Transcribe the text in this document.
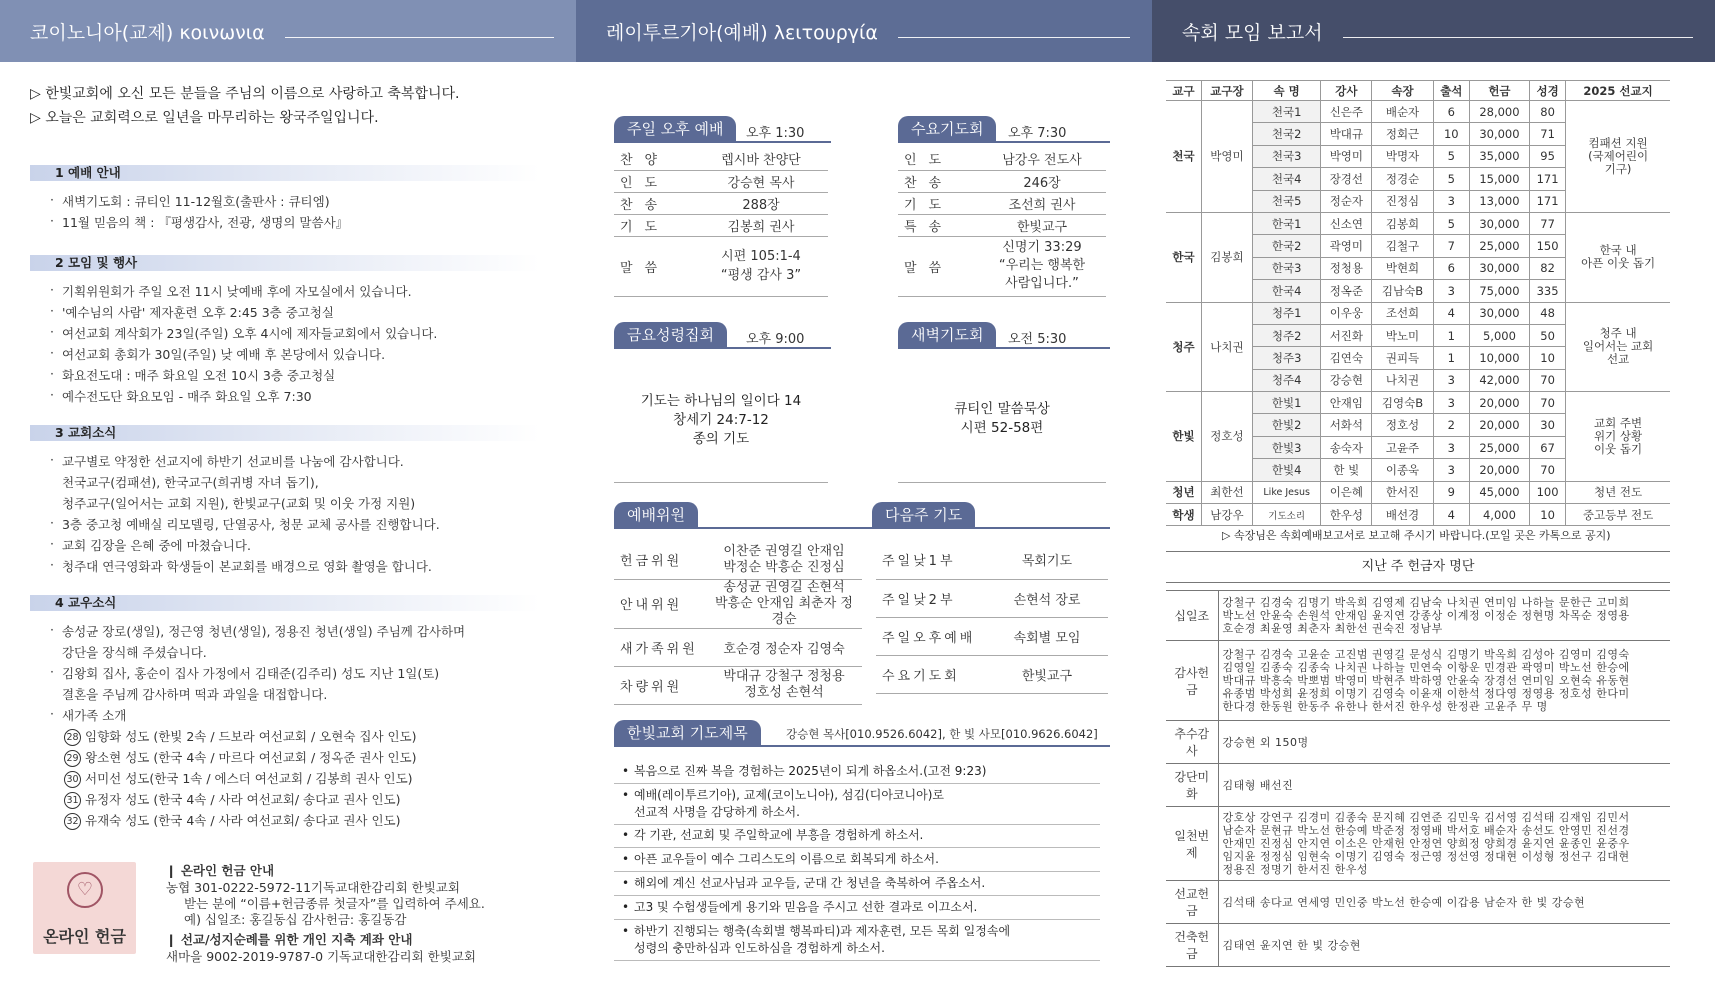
코이노니아(교제) κοινωνια	레이투르기아(예배) λειτουργία	속회 모임 보고서
▷ 한빛교회에 오신 모든 분들을 주님의 이름으로 사랑하고 축복합니다.
▷ 오늘은 교회력으로 일년을 마무리하는 왕국주일입니다.
1 예배 안내
· 새벽기도회 : 큐티인 11-12월호(출판사 : 큐티엠)
· 11월 믿음의 책 : 『평생감사, 전광, 생명의 말씀사』
2 모임 및 행사
· 기획위원회가 주일 오전 11시 낮예배 후에 자모실에서 있습니다.
· '예수님의 사람' 제자훈련 오후 2:45 3층 중고청실
· 여선교회 계삭회가 23일(주일) 오후 4시에 제자들교회에서 있습니다.
· 여선교회 총회가 30일(주일) 낮 예배 후 본당에서 있습니다.
· 화요전도대 : 매주 화요일 오전 10시 3층 중고청실
· 예수전도단 화요모임 - 매주 화요일 오후 7:30
3 교회소식
· 교구별로 약정한 선교지에 하반기 선교비를 나눔에 감사합니다.
천국교구(컴패션), 한국교구(희귀병 자녀 돕기),
청주교구(일어서는 교회 지원), 한빛교구(교회 및 이웃 가정 지원)
· 3층 중고청 예배실 리모델링, 단열공사, 청문 교체 공사를 진행합니다.
· 교회 김장을 은혜 중에 마쳤습니다.
· 청주대 연극영화과 학생들이 본교회를 배경으로 영화 촬영을 합니다.
4 교우소식
· 송성균 장로(생일), 정근영 청년(생일), 정용진 청년(생일) 주님께 감사하며
강단을 장식해 주셨습니다.
· 김왕회 집사, 홍순이 집사 가정에서 김태준(김주리) 성도 지난 1일(토)
결혼을 주님께 감사하며 떡과 과일을 대접합니다.
· 새가족 소개
28 임향화 성도 (한빛 2속 / 드보라 여선교회 / 오현숙 집사 인도)
29 왕소현 성도 (한국 4속 / 마르다 여선교회 / 정옥준 권사 인도)
30 서미선 성도(한국 1속 / 에스더 여선교회 / 김봉희 권사 인도)
31 유정자 성도 (한국 4속 / 사라 여선교회/ 송다교 권사 인도)
32 유재숙 성도 (한국 4속 / 사라 여선교회/ 송다교 권사 인도)
♡
온라인 헌금
❙ 온라인 헌금 안내
농협 301-0222-5972-11기독교대한감리회 한빛교회
받는 분에 “이름+헌금종류 첫글자”를 입력하여 주세요.
예) 십일조: 홍길동십 감사헌금: 홍길동감
❙ 선교/성지순례를 위한 개인 지축 계좌 안내
새마을 9002-2019-9787-0 기독교대한감리회 한빛교회
주일 오후 예배	오후 1:30
찬양	렙시바 찬양단
인도	강승현 목사
찬송	288장
기도	김봉희 권사
말씀	시편 105:1-4
“평생 감사 3”
수요기도회	오후 7:30
인도	남강우 전도사
찬송	246장
기도	조선희 권사
특송	한빛교구
말씀	신명기 33:29
“우리는 행복한
사람입니다.”
금요성령집회	오후 9:00
기도는 하나님의 일이다 14
창세기 24:7-12
종의 기도
새벽기도회	오전 5:30
큐티인 말씀묵상
시편 52-58편
예배위원	다음주 기도
헌금위원	이찬준 권영길 안재임
박정순 박흥순 진정심
안내위원	송성균 권영길 손현석
박흥순 안재임 최춘자 정경순
새가족위원	호순경 정순자 김영숙
차량위원	박대규 강철구 정청용
정호성 손현석
주일낮1부	목회기도
주일낮2부	손현석 장로
주일오후예배	속회별 모임
수요기도회	한빛교구
한빛교회 기도제목	강승현 목사[010.9526.6042], 한 빛 사모[010.9626.6042]
• 복음으로 진짜 복을 경험하는 2025년이 되게 하옵소서.(고전 9:23)
• 예배(레이투르기아), 교제(코이노니아), 섬김(디아코니아)로
선교적 사명을 감당하게 하소서.
• 각 기관, 선교회 및 주일학교에 부흥을 경험하게 하소서.
• 아픈 교우들이 예수 그리스도의 이름으로 회복되게 하소서.
• 해외에 계신 선교사님과 교우들, 군대 간 청년을 축복하여 주옵소서.
• 고3 및 수험생들에게 용기와 믿음을 주시고 선한 결과로 이끄소서.
• 하반기 진행되는 행축(속회별 행복파티)과 제자훈련, 모든 목회 일정속에
성령의 충만하심과 인도하심을 경험하게 하소서.
교구	교구장	속 명	강사	속장	출석	헌금	성경	2025 선교지
천국	박영미	천국1	신은주	배순자	6	28,000	80	컴패션 지원
(국제어린이
기구)
		천국2	박대규	정회근	10	30,000	71	
		천국3	박영미	박명자	5	35,000	95	
		천국4	장경선	정경순	5	15,000	171	
		천국5	정순자	진정심	3	13,000	171	
한국	김봉희	한국1	신소연	김봉희	5	30,000	77	한국 내
아픈 이웃 돕기
		한국2	곽영미	김철구	7	25,000	150	
		한국3	정청용	박현희	6	30,000	82	
		한국4	정옥준	김남숙B	3	75,000	335	
청주	나치권	청주1	이우웅	조선희	4	30,000	48	청주 내
일어서는 교회
선교
		청주2	서진화	박노미	1	5,000	50	
		청주3	김연숙	권피득	1	10,000	10	
		청주4	강승현	나치권	3	42,000	70	
한빛	정호성	한빛1	안재임	김영숙B	3	20,000	70	교회 주변
위기 상황
이웃 돕기
		한빛2	서화석	정호성	2	20,000	30	
		한빛3	송숙자	고윤주	3	25,000	67	
		한빛4	한 빛	이종욱	3	20,000	70	
청년	최한선	Like Jesus	이은혜	한서진	9	45,000	100	청년 전도
학생	남강우	기도소리	한우성	배선경	4	4,000	10	중고등부 전도
▷ 속장님은 속회예배보고서로 보고해 주시기 바랍니다.(모일 곳은 카톡으로 공지)
지난 주 헌금자 명단
십일조	강철구 김경숙 김명기 박옥희 김영제 김남숙 나치권 연미임 나하늘 문한근 고미희
박노선 안윤숙 손원석 안재임 윤지연 강종상 이계정 이정순 정현명 차목순 정영용
호순경 최윤영 최춘자 최한선 권숙진 정남부
감사헌금	강철구 김경숙 고윤순 고진범 권영길 문성식 김명기 박옥희 김성아 김영미 김영숙
김영일 김종숙 김종숙 나치권 나하늘 민연숙 이항운 민경관 곽영미 박노선 한승에
박대규 박흥숙 박뽀범 박영미 박현주 박하영 안윤숙 장경선 연미임 오현숙 유동현
유종범 박성희 윤정희 이명기 김영숙 이윤재 이한석 정다영 정영용 정호성 한다미
한다경 한동원 한동주 유한나 한서진 한우성 한정관 고윤주 무 명
추수감사	강승현 외 150명
강단미화	김태형 배선진
일천번제	강호상 강연구 김경미 김종숙 문지혜 김연준 김민욱 김서영 김석태 김재임 김민서
남순자 문현규 박노선 한승예 박준정 정영배 박서호 배순자 송선도 안영민 진선경
안재민 진정심 안지연 이소은 안재헌 안정연 양희정 양희경 윤지연 윤종인 윤중우
임지윤 정정심 임현숙 이명기 김영숙 정근영 정선영 정대현 이성형 정선구 김대현
정용진 정명기 한서진 한우성
선교헌금	김석태 송다교 연세영 민인중 박노선 한승예 이갑용 남순자 한 빛 강승현
건축헌금	김태연 윤지연 한 빛 강승현
